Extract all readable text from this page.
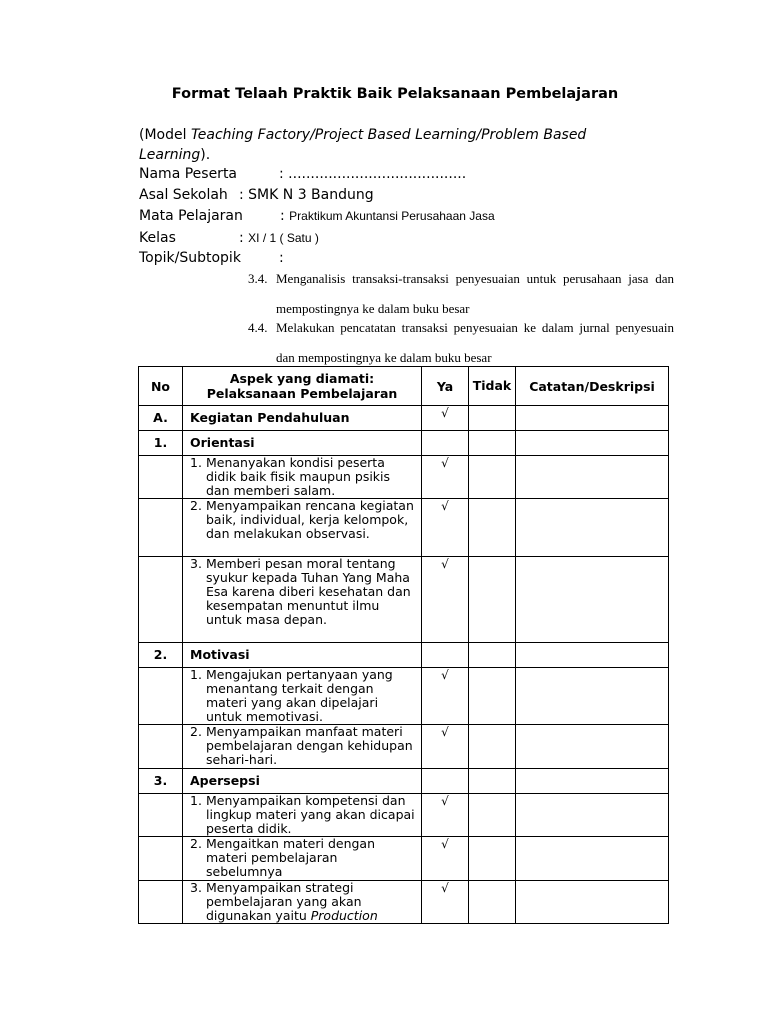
Format Telaah Praktik Baik Pelaksanaan Pembelajaran
(Model Teaching Factory/Project Based Learning/Problem Based Learning).
Nama Peserta	: ........................................
Asal Sekolah : SMK N 3 Bandung
Mata Pelajaran	: Praktikum Akuntansi Perusahaan Jasa
Kelas	: XI / 1 ( Satu )
Topik/Subtopik	:
3.4. Menganalisis transaksi-transaksi penyesuaian untuk perusahaan jasa dan mempostingnya ke dalam buku besar
4.4. Melakukan pencatatan transaksi penyesuaian ke dalam jurnal penyesuain dan mempostingnya ke dalam buku besar
No	Aspek yang diamati:
Pelaksanaan Pembelajaran	Ya	Tidak	Catatan/Deskripsi
A.	Kegiatan Pendahuluan	√		
1.	Orientasi			

	1. Menanyakan kondisi peserta didik baik fisik maupun psikis dan memberi salam.	√		

	2. Menyampaikan rencana kegiatan baik, individual, kerja kelompok, dan melakukan observasi.	√		

	3. Memberi pesan moral tentang syukur kepada Tuhan Yang Maha Esa karena diberi kesehatan dan kesempatan menuntut ilmu untuk masa depan.	√		
2.	Motivasi			

	1. Mengajukan pertanyaan yang menantang terkait dengan materi yang akan dipelajari untuk memotivasi.	√		

	2. Menyampaikan manfaat materi pembelajaran dengan kehidupan sehari-hari.	√		
3.	Apersepsi			

	1. Menyampaikan kompetensi dan lingkup materi yang akan dicapai peserta didik.	√		

	2. Mengaitkan materi dengan materi pembelajaran sebelumnya	√		

	3. Menyampaikan strategi pembelajaran yang akan digunakan yaitu Production	√		
